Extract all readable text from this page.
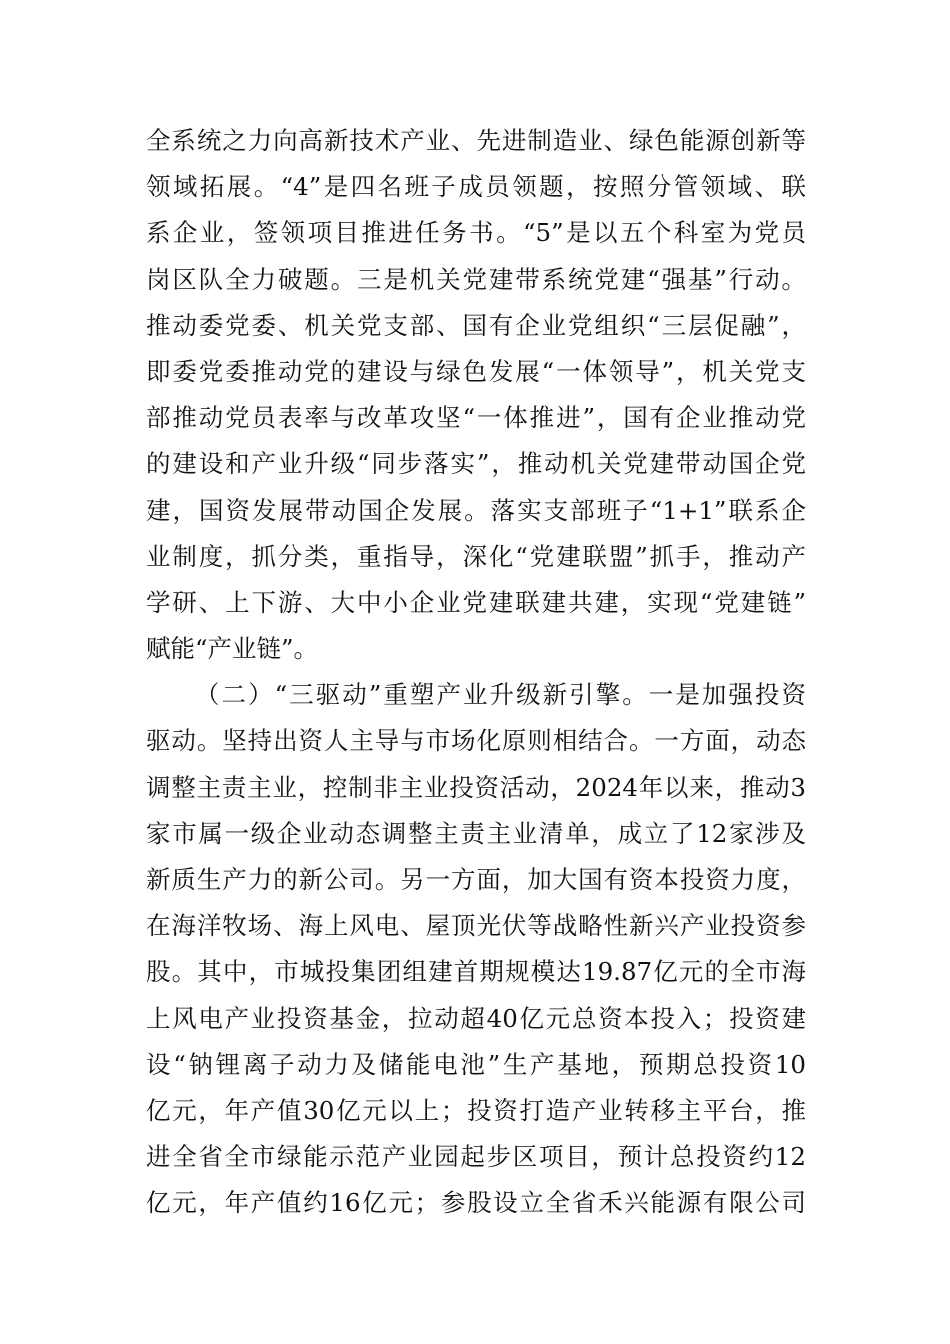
全系统之力向高新技术产业、先进制造业、绿色能源创新等
领域拓展。“4”是四名班子成员领题，按照分管领域、联
系企业，签领项目推进任务书。“5”是以五个科室为党员
岗区队全力破题。三是机关党建带系统党建“强基”行动。
推动委党委、机关党支部、国有企业党组织“三层促融”，
即委党委推动党的建设与绿色发展“一体领导”，机关党支
部推动党员表率与改革攻坚“一体推进”，国有企业推动党
的建设和产业升级“同步落实”，推动机关党建带动国企党
建，国资发展带动国企发展。落实支部班子“1+1”联系企
业制度，抓分类，重指导，深化“党建联盟”抓手，推动产
学研、上下游、大中小企业党建联建共建，实现“党建链”
赋能“产业链”。
（二）“三驱动”重塑产业升级新引擎。一是加强投资
驱动。坚持出资人主导与市场化原则相结合。一方面，动态
调整主责主业，控制非主业投资活动，2024年以来，推动3
家市属一级企业动态调整主责主业清单，成立了12家涉及
新质生产力的新公司。另一方面，加大国有资本投资力度，
在海洋牧场、海上风电、屋顶光伏等战略性新兴产业投资参
股。其中，市城投集团组建首期规模达19.87亿元的全市海
上风电产业投资基金，拉动超40亿元总资本投入；投资建
设“钠锂离子动力及储能电池”生产基地，预期总投资10
亿元，年产值30亿元以上；投资打造产业转移主平台，推
进全省全市绿能示范产业园起步区项目，预计总投资约12
亿元，年产值约16亿元；参股设立全省禾兴能源有限公司
